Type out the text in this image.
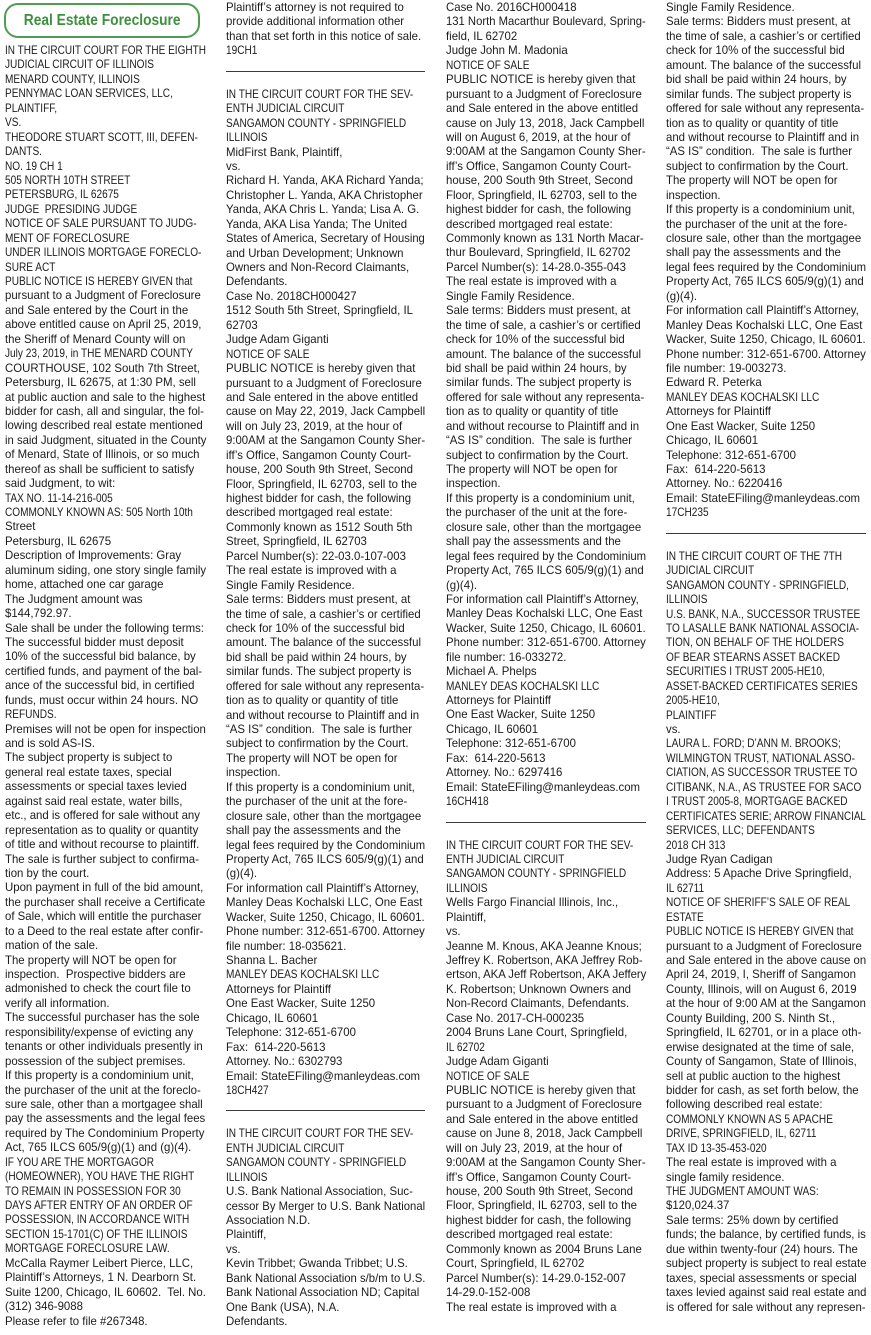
Real Estate Foreclosure
IN THE CIRCUIT COURT FOR THE EIGHTH
JUDICIAL CIRCUIT OF ILLINOIS
MENARD COUNTY, ILLINOIS
PENNYMAC LOAN SERVICES, LLC,
PLAINTIFF,
VS.
THEODORE STUART SCOTT, III, DEFEN-
DANTS.
NO. 19 CH 1
505 NORTH 10TH STREET
PETERSBURG, IL 62675
JUDGE  PRESIDING JUDGE
NOTICE OF SALE PURSUANT TO JUDG-
MENT OF FORECLOSURE
UNDER ILLINOIS MORTGAGE FORECLO-
SURE ACT
PUBLIC NOTICE IS HEREBY GIVEN that
pursuant to a Judgment of Foreclosure
and Sale entered by the Court in the
above entitled cause on April 25, 2019,
the Sheriff of Menard County will on
July 23, 2019, in THE MENARD COUNTY
COURTHOUSE, 102 South 7th Street,
Petersburg, IL 62675, at 1:30 PM, sell
at public auction and sale to the highest
bidder for cash, all and singular, the fol-
lowing described real estate mentioned
in said Judgment, situated in the County
of Menard, State of Illinois, or so much
thereof as shall be sufficient to satisfy
said Judgment, to wit:
TAX NO. 11-14-216-005
COMMONLY KNOWN AS: 505 North 10th
Street
Petersburg, IL 62675
Description of Improvements: Gray
aluminum siding, one story single family
home, attached one car garage
The Judgment amount was
$144,792.97.
Sale shall be under the following terms:
The successful bidder must deposit
10% of the successful bid balance, by
certified funds, and payment of the bal-
ance of the successful bid, in certified
funds, must occur within 24 hours. NO
REFUNDS.
Premises will not be open for inspection
and is sold AS-IS.
The subject property is subject to
general real estate taxes, special
assessments or special taxes levied
against said real estate, water bills,
etc., and is offered for sale without any
representation as to quality or quantity
of title and without recourse to plaintiff.
The sale is further subject to confirma-
tion by the court.
Upon payment in full of the bid amount,
the purchaser shall receive a Certificate
of Sale, which will entitle the purchaser
to a Deed to the real estate after confir-
mation of the sale.
The property will NOT be open for
inspection.  Prospective bidders are
admonished to check the court file to
verify all information.
The successful purchaser has the sole
responsibility/expense of evicting any
tenants or other individuals presently in
possession of the subject premises.
If this property is a condominium unit,
the purchaser of the unit at the foreclo-
sure sale, other than a mortgagee shall
pay the assessments and the legal fees
required by The Condominium Property
Act, 765 ILCS 605/9(g)(1) and (g)(4).
IF YOU ARE THE MORTGAGOR
(HOMEOWNER), YOU HAVE THE RIGHT
TO REMAIN IN POSSESSION FOR 30
DAYS AFTER ENTRY OF AN ORDER OF
POSSESSION, IN ACCORDANCE WITH
SECTION 15-1701(C) OF THE ILLINOIS
MORTGAGE FORECLOSURE LAW.
McCalla Raymer Leibert Pierce, LLC,
Plaintiff’s Attorneys, 1 N. Dearborn St.
Suite 1200, Chicago, IL 60602.  Tel. No.
(312) 346-9088
Please refer to file #267348.
Plaintiff’s attorney is not required to
provide additional information other
than that set forth in this notice of sale.
19CH1
IN THE CIRCUIT COURT FOR THE SEV-
ENTH JUDICIAL CIRCUIT
SANGAMON COUNTY - SPRINGFIELD
ILLINOIS
MidFirst Bank, Plaintiff,
vs.
Richard H. Yanda, AKA Richard Yanda;
Christopher L. Yanda, AKA Christopher
Yanda, AKA Chris L. Yanda; Lisa A. G.
Yanda, AKA Lisa Yanda; The United
States of America, Secretary of Housing
and Urban Development; Unknown
Owners and Non-Record Claimants,
Defendants.
Case No. 2018CH000427
1512 South 5th Street, Springfield, IL
62703
Judge Adam Giganti
NOTICE OF SALE
PUBLIC NOTICE is hereby given that
pursuant to a Judgment of Foreclosure
and Sale entered in the above entitled
cause on May 22, 2019, Jack Campbell
will on July 23, 2019, at the hour of
9:00AM at the Sangamon County Sher-
iff’s Office, Sangamon County Court-
house, 200 South 9th Street, Second
Floor, Springfield, IL 62703, sell to the
highest bidder for cash, the following
described mortgaged real estate:
Commonly known as 1512 South 5th
Street, Springfield, IL 62703
Parcel Number(s): 22-03.0-107-003
The real estate is improved with a
Single Family Residence.
Sale terms: Bidders must present, at
the time of sale, a cashier’s or certified
check for 10% of the successful bid
amount. The balance of the successful
bid shall be paid within 24 hours, by
similar funds. The subject property is
offered for sale without any representa-
tion as to quality or quantity of title
and without recourse to Plaintiff and in
“AS IS” condition.  The sale is further
subject to confirmation by the Court.
The property will NOT be open for
inspection.
If this property is a condominium unit,
the purchaser of the unit at the fore-
closure sale, other than the mortgagee
shall pay the assessments and the
legal fees required by the Condominium
Property Act, 765 ILCS 605/9(g)(1) and
(g)(4).
For information call Plaintiff’s Attorney,
Manley Deas Kochalski LLC, One East
Wacker, Suite 1250, Chicago, IL 60601.
Phone number: 312-651-6700. Attorney
file number: 18-035621.
Shanna L. Bacher
MANLEY DEAS KOCHALSKI LLC
Attorneys for Plaintiff
One East Wacker, Suite 1250
Chicago, IL 60601
Telephone: 312-651-6700
Fax:  614-220-5613
Attorney. No.: 6302793
Email: StateEFiling@manleydeas.com
18CH427
IN THE CIRCUIT COURT FOR THE SEV-
ENTH JUDICIAL CIRCUIT
SANGAMON COUNTY - SPRINGFIELD
ILLINOIS
U.S. Bank National Association, Suc-
cessor By Merger to U.S. Bank National
Association N.D.
Plaintiff,
vs.
Kevin Tribbet; Gwanda Tribbet; U.S.
Bank National Association s/b/m to U.S.
Bank National Association ND; Capital
One Bank (USA), N.A.
Defendants.
Case No. 2016CH000418
131 North Macarthur Boulevard, Spring-
field, IL 62702
Judge John M. Madonia
NOTICE OF SALE
PUBLIC NOTICE is hereby given that
pursuant to a Judgment of Foreclosure
and Sale entered in the above entitled
cause on July 13, 2018, Jack Campbell
will on August 6, 2019, at the hour of
9:00AM at the Sangamon County Sher-
iff’s Office, Sangamon County Court-
house, 200 South 9th Street, Second
Floor, Springfield, IL 62703, sell to the
highest bidder for cash, the following
described mortgaged real estate:
Commonly known as 131 North Macar-
thur Boulevard, Springfield, IL 62702
Parcel Number(s): 14-28.0-355-043
The real estate is improved with a
Single Family Residence.
Sale terms: Bidders must present, at
the time of sale, a cashier’s or certified
check for 10% of the successful bid
amount. The balance of the successful
bid shall be paid within 24 hours, by
similar funds. The subject property is
offered for sale without any representa-
tion as to quality or quantity of title
and without recourse to Plaintiff and in
“AS IS” condition.  The sale is further
subject to confirmation by the Court.
The property will NOT be open for
inspection.
If this property is a condominium unit,
the purchaser of the unit at the fore-
closure sale, other than the mortgagee
shall pay the assessments and the
legal fees required by the Condominium
Property Act, 765 ILCS 605/9(g)(1) and
(g)(4).
For information call Plaintiff’s Attorney,
Manley Deas Kochalski LLC, One East
Wacker, Suite 1250, Chicago, IL 60601.
Phone number: 312-651-6700. Attorney
file number: 16-033272.
Michael A. Phelps
MANLEY DEAS KOCHALSKI LLC
Attorneys for Plaintiff
One East Wacker, Suite 1250
Chicago, IL 60601
Telephone: 312-651-6700
Fax:  614-220-5613
Attorney. No.: 6297416
Email: StateEFiling@manleydeas.com
16CH418
IN THE CIRCUIT COURT FOR THE SEV-
ENTH JUDICIAL CIRCUIT
SANGAMON COUNTY - SPRINGFIELD
ILLINOIS
Wells Fargo Financial Illinois, Inc.,
Plaintiff,
vs.
Jeanne M. Knous, AKA Jeanne Knous;
Jeffrey K. Robertson, AKA Jeffrey Rob-
ertson, AKA Jeff Robertson, AKA Jeffery
K. Robertson; Unknown Owners and
Non-Record Claimants, Defendants.
Case No. 2017-CH-000235
2004 Bruns Lane Court, Springfield,
IL 62702
Judge Adam Giganti
NOTICE OF SALE
PUBLIC NOTICE is hereby given that
pursuant to a Judgment of Foreclosure
and Sale entered in the above entitled
cause on June 8, 2018, Jack Campbell
will on July 23, 2019, at the hour of
9:00AM at the Sangamon County Sher-
iff’s Office, Sangamon County Court-
house, 200 South 9th Street, Second
Floor, Springfield, IL 62703, sell to the
highest bidder for cash, the following
described mortgaged real estate:
Commonly known as 2004 Bruns Lane
Court, Springfield, IL 62702
Parcel Number(s): 14-29.0-152-007
14-29.0-152-008
The real estate is improved with a
Single Family Residence.
Sale terms: Bidders must present, at
the time of sale, a cashier’s or certified
check for 10% of the successful bid
amount. The balance of the successful
bid shall be paid within 24 hours, by
similar funds. The subject property is
offered for sale without any representa-
tion as to quality or quantity of title
and without recourse to Plaintiff and in
“AS IS” condition.  The sale is further
subject to confirmation by the Court.
The property will NOT be open for
inspection.
If this property is a condominium unit,
the purchaser of the unit at the fore-
closure sale, other than the mortgagee
shall pay the assessments and the
legal fees required by the Condominium
Property Act, 765 ILCS 605/9(g)(1) and
(g)(4).
For information call Plaintiff’s Attorney,
Manley Deas Kochalski LLC, One East
Wacker, Suite 1250, Chicago, IL 60601.
Phone number: 312-651-6700. Attorney
file number: 19-003273.
Edward R. Peterka
MANLEY DEAS KOCHALSKI LLC
Attorneys for Plaintiff
One East Wacker, Suite 1250
Chicago, IL 60601
Telephone: 312-651-6700
Fax:  614-220-5613
Attorney. No.: 6220416
Email: StateEFiling@manleydeas.com
17CH235
IN THE CIRCUIT COURT OF THE 7TH
JUDICIAL CIRCUIT
SANGAMON COUNTY - SPRINGFIELD,
ILLINOIS
U.S. BANK, N.A., SUCCESSOR TRUSTEE
TO LASALLE BANK NATIONAL ASSOCIA-
TION, ON BEHALF OF THE HOLDERS
OF BEAR STEARNS ASSET BACKED
SECURITIES I TRUST 2005-HE10,
ASSET-BACKED CERTIFICATES SERIES
2005-HE10,
PLAINTIFF
vs.
LAURA L. FORD; D’ANN M. BROOKS;
WILMINGTON TRUST, NATIONAL ASSO-
CIATION, AS SUCCESSOR TRUSTEE TO
CITIBANK, N.A., AS TRUSTEE FOR SACO
I TRUST 2005-8, MORTGAGE BACKED
CERTIFICATES SERIE; ARROW FINANCIAL
SERVICES, LLC; DEFENDANTS
2018 CH 313
Judge Ryan Cadigan
Address: 5 Apache Drive Springfield,
IL 62711
NOTICE OF SHERIFF’S SALE OF REAL
ESTATE
PUBLIC NOTICE IS HEREBY GIVEN that
pursuant to a Judgment of Foreclosure
and Sale entered in the above cause on
April 24, 2019, I, Sheriff of Sangamon
County, Illinois, will on August 6, 2019
at the hour of 9:00 AM at the Sangamon
County Building, 200 S. Ninth St.,
Springfield, IL 62701, or in a place oth-
erwise designated at the time of sale,
County of Sangamon, State of Illinois,
sell at public auction to the highest
bidder for cash, as set forth below, the
following described real estate:
COMMONLY KNOWN AS 5 APACHE
DRIVE, SPRINGFIELD, IL, 62711
TAX ID 13-35-453-020
The real estate is improved with a
single family residence.
THE JUDGMENT AMOUNT WAS:
$120,024.37
Sale terms: 25% down by certified
funds; the balance, by certified funds, is
due within twenty-four (24) hours. The
subject property is subject to real estate
taxes, special assessments or special
taxes levied against said real estate and
is offered for sale without any represen-
